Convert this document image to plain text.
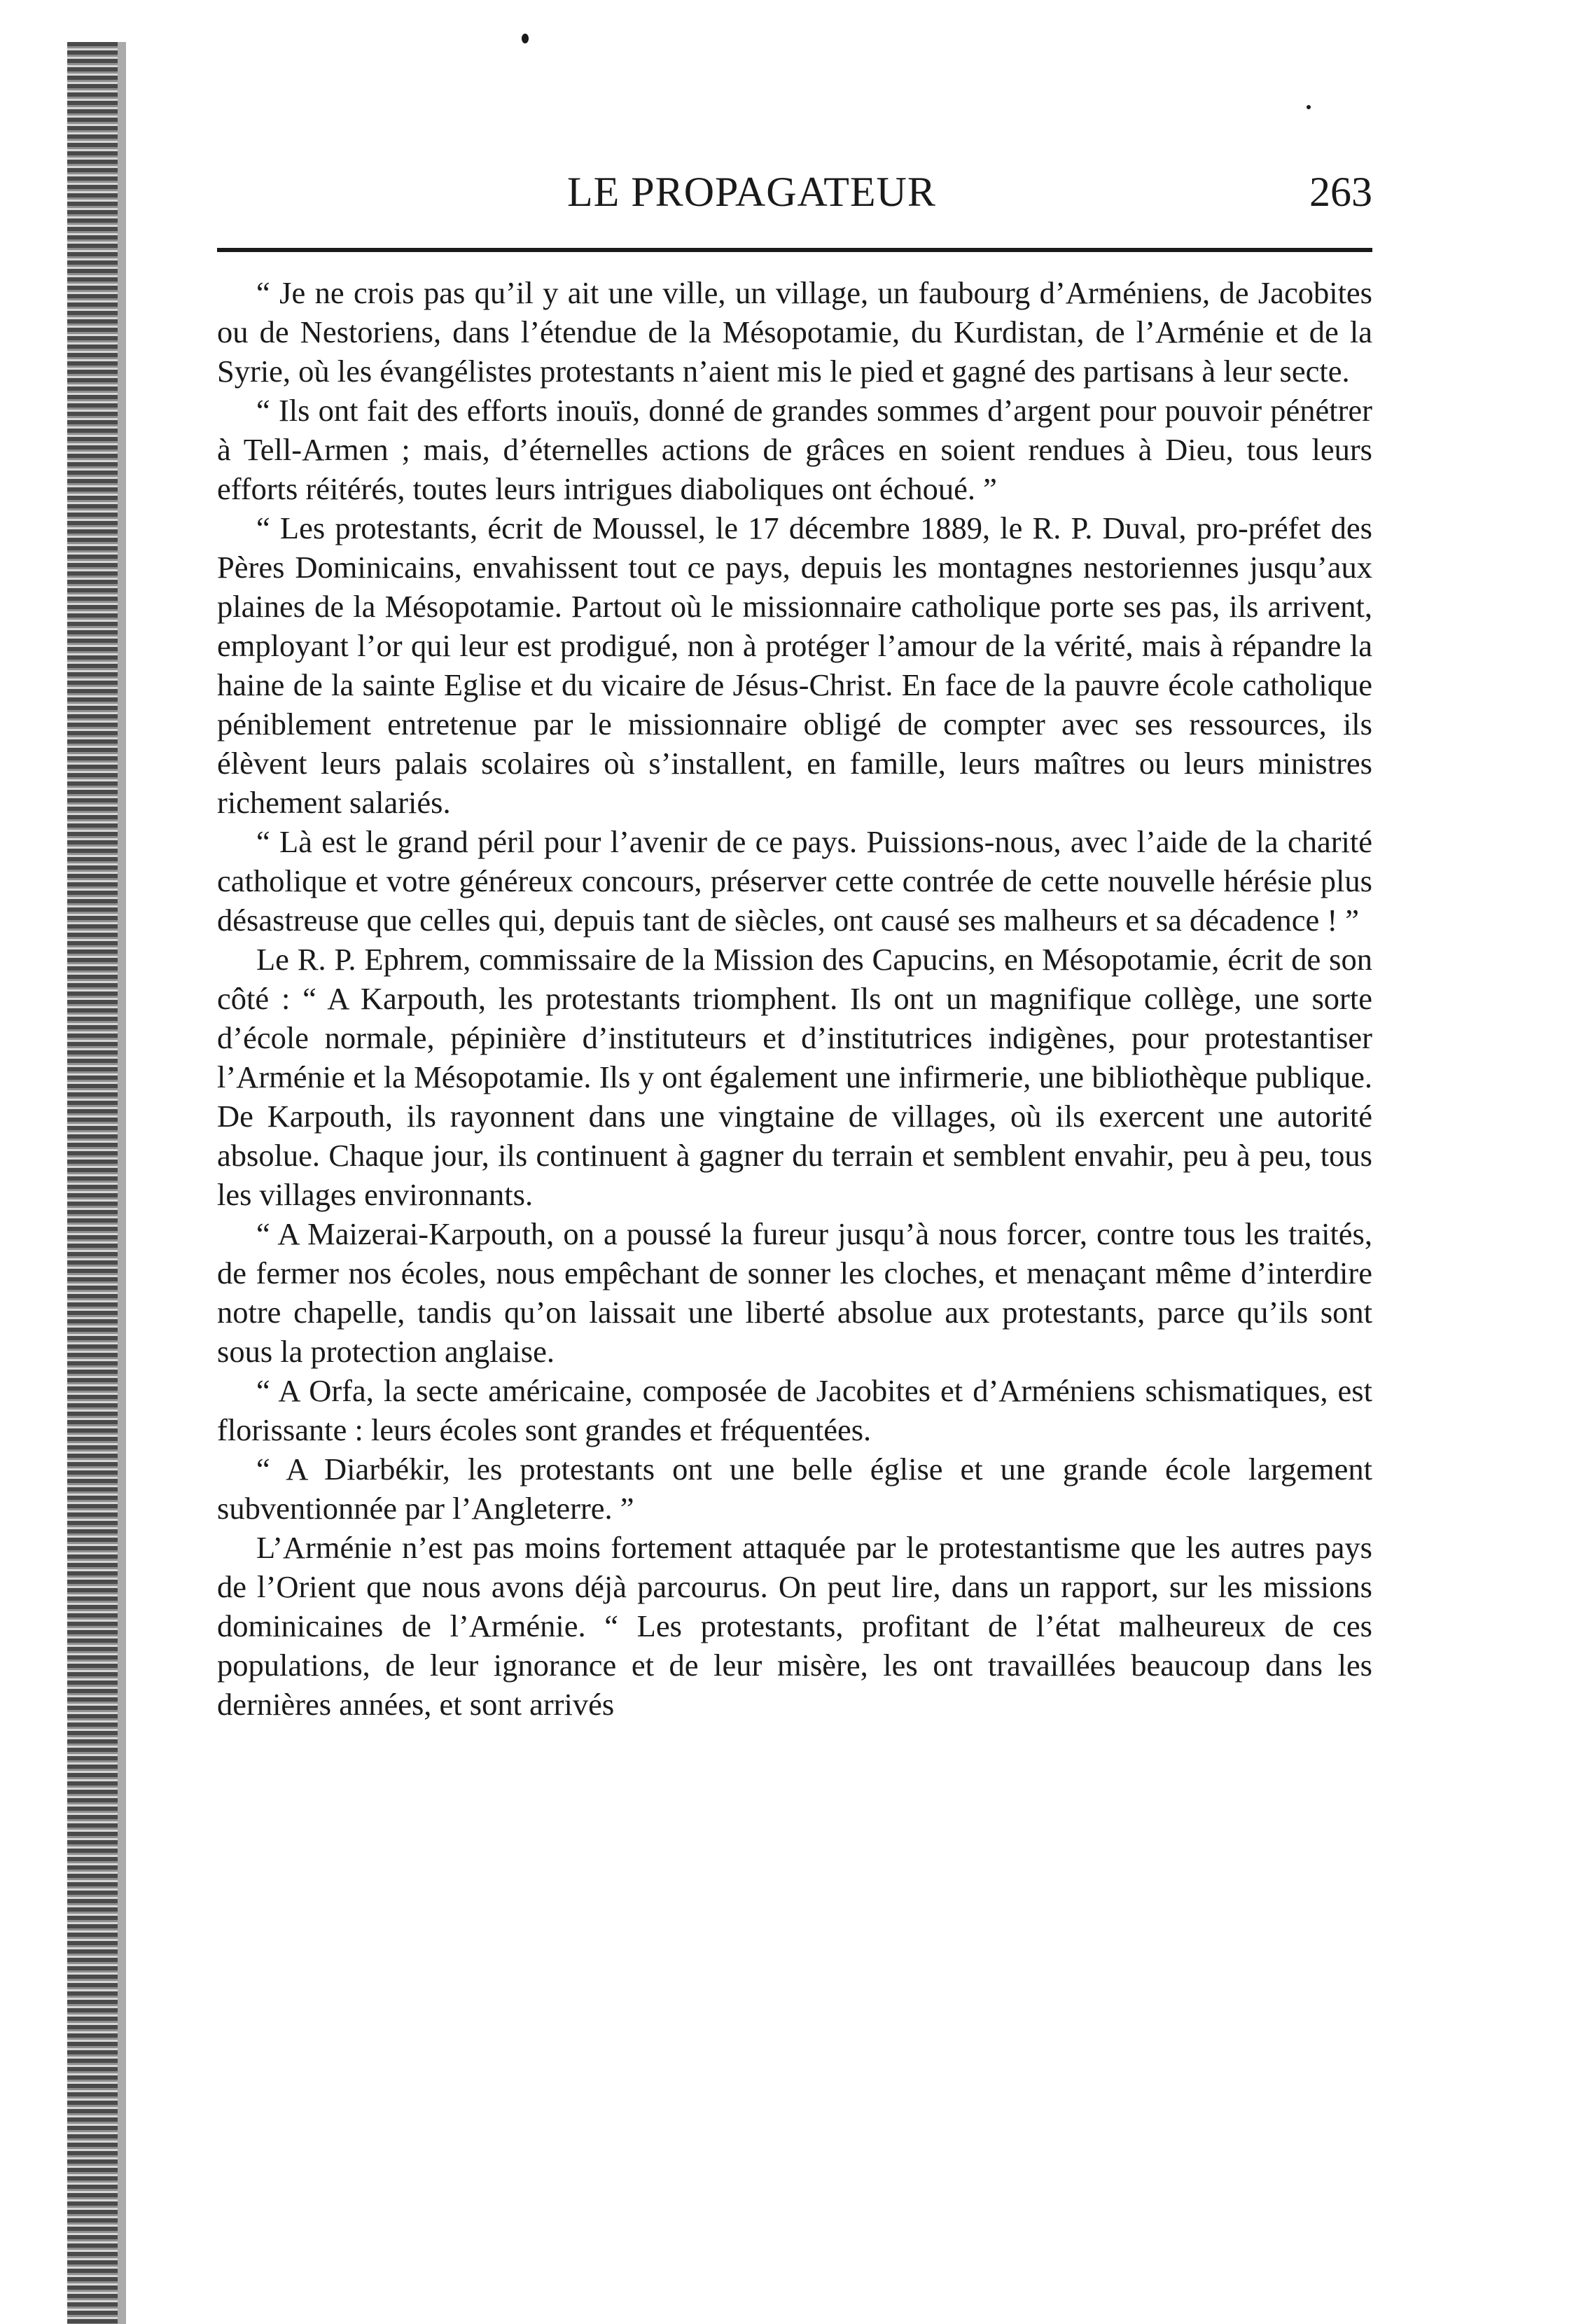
LE PROPAGATEUR	263

“ Je ne crois pas qu’il y ait une ville, un village, un faubourg d’Arméniens, de Jacobites ou de Nestoriens, dans l’étendue de la Mésopotamie, du Kurdistan, de l’Arménie et de la Syrie, où les évangélistes protestants n’aient mis le pied et gagné des partisans à leur secte.

“ Ils ont fait des efforts inouïs, donné de grandes sommes d’argent pour pouvoir pénétrer à Tell-Armen ; mais, d’éternelles actions de grâces en soient rendues à Dieu, tous leurs efforts réitérés, toutes leurs intrigues diaboliques ont échoué. ”

“ Les protestants, écrit de Moussel, le 17 décembre 1889, le R. P. Duval, pro-préfet des Pères Dominicains, envahissent tout ce pays, depuis les montagnes nestoriennes jusqu’aux plaines de la Mésopotamie. Partout où le missionnaire catholique porte ses pas, ils arrivent, employant l’or qui leur est prodigué, non à protéger l’amour de la vérité, mais à répandre la haine de la sainte Eglise et du vicaire de Jésus-Christ. En face de la pauvre école catholique péniblement entretenue par le missionnaire obligé de compter avec ses ressources, ils élèvent leurs palais scolaires où s’installent, en famille, leurs maîtres ou leurs ministres richement salariés.

“ Là est le grand péril pour l’avenir de ce pays. Puissions-nous, avec l’aide de la charité catholique et votre généreux concours, préserver cette contrée de cette nouvelle hérésie plus désastreuse que celles qui, depuis tant de siècles, ont causé ses malheurs et sa décadence ! ”

Le R. P. Ephrem, commissaire de la Mission des Capucins, en Mésopotamie, écrit de son côté : “ A Karpouth, les protestants triomphent. Ils ont un magnifique collège, une sorte d’école normale, pépinière d’instituteurs et d’institutrices indigènes, pour protestantiser l’Arménie et la Mésopotamie. Ils y ont également une infirmerie, une bibliothèque publique. De Karpouth, ils rayonnent dans une vingtaine de villages, où ils exercent une autorité absolue. Chaque jour, ils continuent à gagner du terrain et semblent envahir, peu à peu, tous les villages environnants.

“ A Maizerai-Karpouth, on a poussé la fureur jusqu’à nous forcer, contre tous les traités, de fermer nos écoles, nous empêchant de sonner les cloches, et menaçant même d’interdire notre chapelle, tandis qu’on laissait une liberté absolue aux protestants, parce qu’ils sont sous la protection anglaise.

“ A Orfa, la secte américaine, composée de Jacobites et d’Arméniens schismatiques, est florissante : leurs écoles sont grandes et fréquentées.

“ A Diarbékir, les protestants ont une belle église et une grande école largement subventionnée par l’Angleterre. ”

L’Arménie n’est pas moins fortement attaquée par le protestantisme que les autres pays de l’Orient que nous avons déjà parcourus. On peut lire, dans un rapport, sur les missions dominicaines de l’Arménie. “ Les protestants, profitant de l’état malheureux de ces populations, de leur ignorance et de leur misère, les ont travaillées beaucoup dans les dernières années, et sont arrivés
